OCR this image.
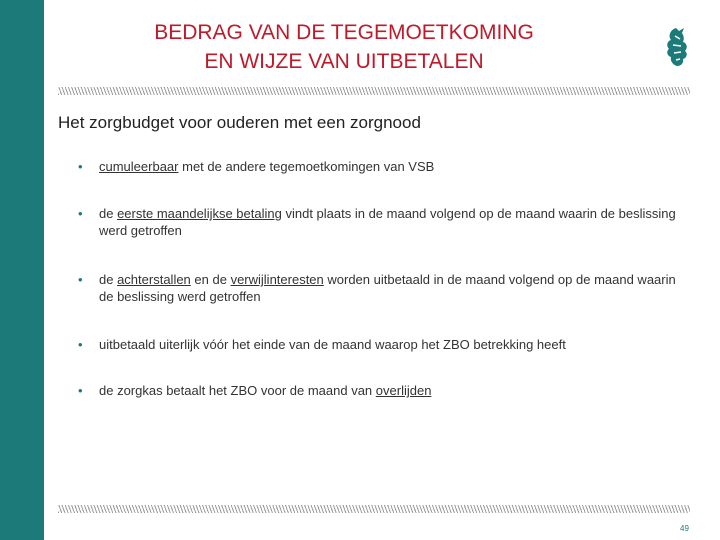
BEDRAG VAN DE TEGEMOETKOMING
EN WIJZE VAN UITBETALEN
Het zorgbudget voor ouderen met een zorgnood
• cumuleerbaar met de andere tegemoetkomingen van VSB
• de eerste maandelijkse betaling vindt plaats in de maand volgend op de maand waarin de beslissing werd getroffen
• de achterstallen en de verwijlinteresten worden uitbetaald in de maand volgend op de maand waarin de beslissing werd getroffen
• uitbetaald uiterlijk vóór het einde van de maand waarop het ZBO betrekking heeft
• de zorgkas betaalt het ZBO voor de maand van overlijden
49
